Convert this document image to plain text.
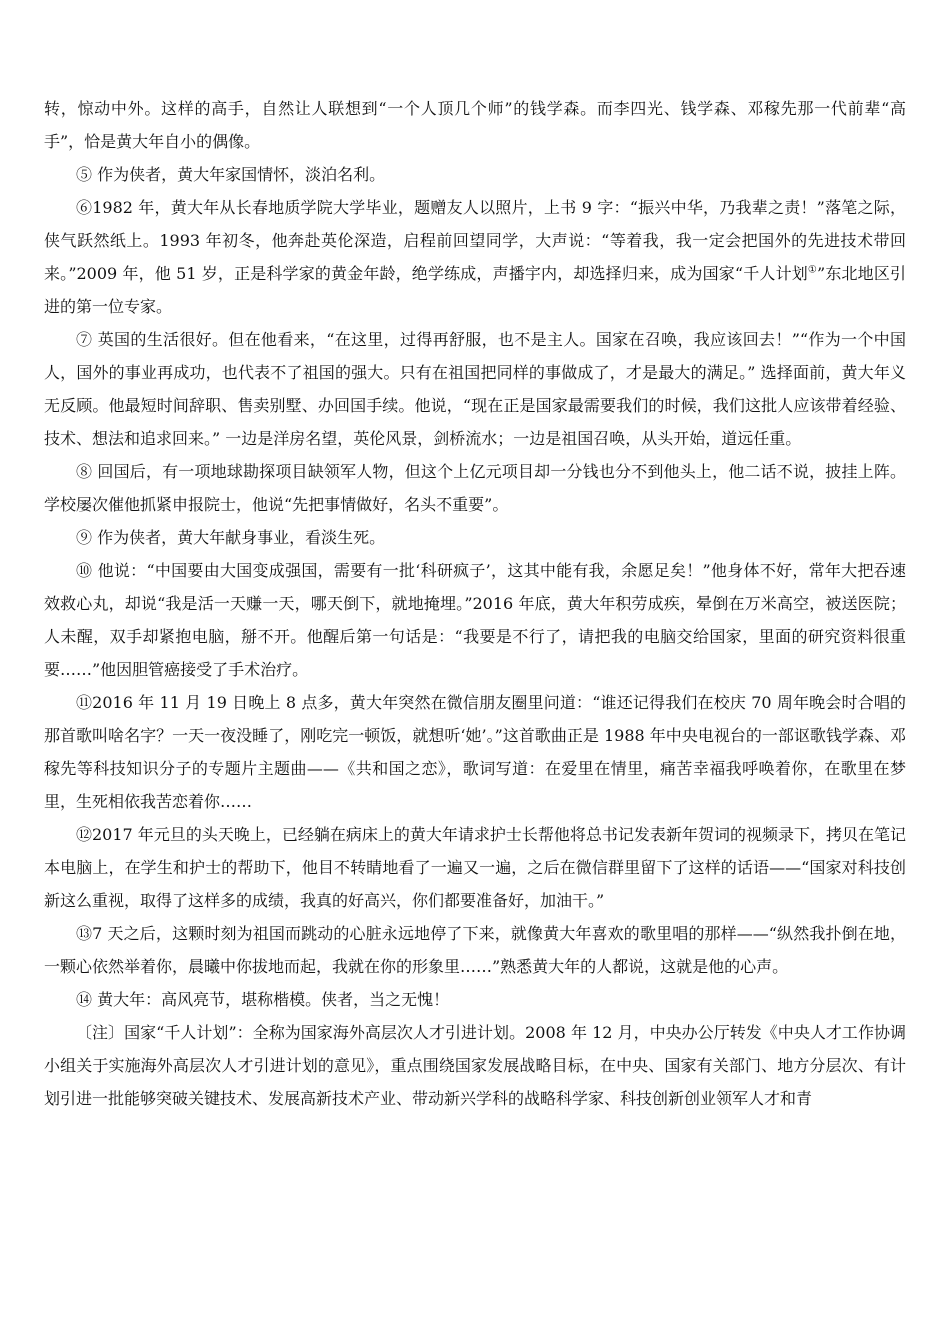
转，惊动中外。这样的高手，自然让人联想到“一个人顶几个师”的钱学森。而李四光、钱学森、邓稼先那一代前辈“高手”，恰是黄大年自小的偶像。

⑤ 作为侠者，黄大年家国情怀，淡泊名利。

⑥1982 年，黄大年从长春地质学院大学毕业，题赠友人以照片，上书 9 字：“振兴中华，乃我辈之责！”落笔之际，侠气跃然纸上。1993 年初冬，他奔赴英伦深造，启程前回望同学，大声说：“等着我，我一定会把国外的先进技术带回来。”2009 年，他 51 岁，正是科学家的黄金年龄，绝学练成，声播宇内，却选择归来，成为国家“千人计划①”东北地区引进的第一位专家。

⑦ 英国的生活很好。但在他看来，“在这里，过得再舒服，也不是主人。国家在召唤，我应该回去！”“作为一个中国人，国外的事业再成功，也代表不了祖国的强大。只有在祖国把同样的事做成了，才是最大的满足。” 选择面前，黄大年义无反顾。他最短时间辞职、售卖别墅、办回国手续。他说，“现在正是国家最需要我们的时候，我们这批人应该带着经验、技术、想法和追求回来。” 一边是洋房名望，英伦风景，剑桥流水；一边是祖国召唤，从头开始，道远任重。

⑧ 回国后，有一项地球勘探项目缺领军人物，但这个上亿元项目却一分钱也分不到他头上，他二话不说，披挂上阵。学校屡次催他抓紧申报院士，他说“先把事情做好，名头不重要”。

⑨ 作为侠者，黄大年献身事业，看淡生死。

⑩ 他说：“中国要由大国变成强国，需要有一批‘科研疯子’，这其中能有我，余愿足矣！”他身体不好，常年大把吞速效救心丸，却说“我是活一天赚一天，哪天倒下，就地掩埋。”2016 年底，黄大年积劳成疾，晕倒在万米高空，被送医院；人未醒，双手却紧抱电脑，掰不开。他醒后第一句话是：“我要是不行了，请把我的电脑交给国家，里面的研究资料很重要……”他因胆管癌接受了手术治疗。

⑪2016 年 11 月 19 日晚上 8 点多，黄大年突然在微信朋友圈里问道：“谁还记得我们在校庆 70 周年晚会时合唱的那首歌叫啥名字？一天一夜没睡了，刚吃完一顿饭，就想听‘她’。”这首歌曲正是 1988 年中央电视台的一部讴歌钱学森、邓稼先等科技知识分子的专题片主题曲——《共和国之恋》，歌词写道：在爱里在情里，痛苦幸福我呼唤着你，在歌里在梦里，生死相依我苦恋着你……

⑫2017 年元旦的头天晚上，已经躺在病床上的黄大年请求护士长帮他将总书记发表新年贺词的视频录下，拷贝在笔记本电脑上，在学生和护士的帮助下，他目不转睛地看了一遍又一遍，之后在微信群里留下了这样的话语——“国家对科技创新这么重视，取得了这样多的成绩，我真的好高兴，你们都要准备好，加油干。”

⑬7 天之后，这颗时刻为祖国而跳动的心脏永远地停了下来，就像黄大年喜欢的歌里唱的那样——“纵然我扑倒在地，一颗心依然举着你，晨曦中你拔地而起，我就在你的形象里……”熟悉黄大年的人都说，这就是他的心声。

⑭ 黄大年：高风亮节，堪称楷模。侠者，当之无愧！

〔注〕国家“千人计划”：全称为国家海外高层次人才引进计划。2008 年 12 月，中央办公厅转发《中央人才工作协调小组关于实施海外高层次人才引进计划的意见》，重点围绕国家发展战略目标，在中央、国家有关部门、地方分层次、有计划引进一批能够突破关键技术、发展高新技术产业、带动新兴学科的战略科学家、科技创新创业领军人才和青
